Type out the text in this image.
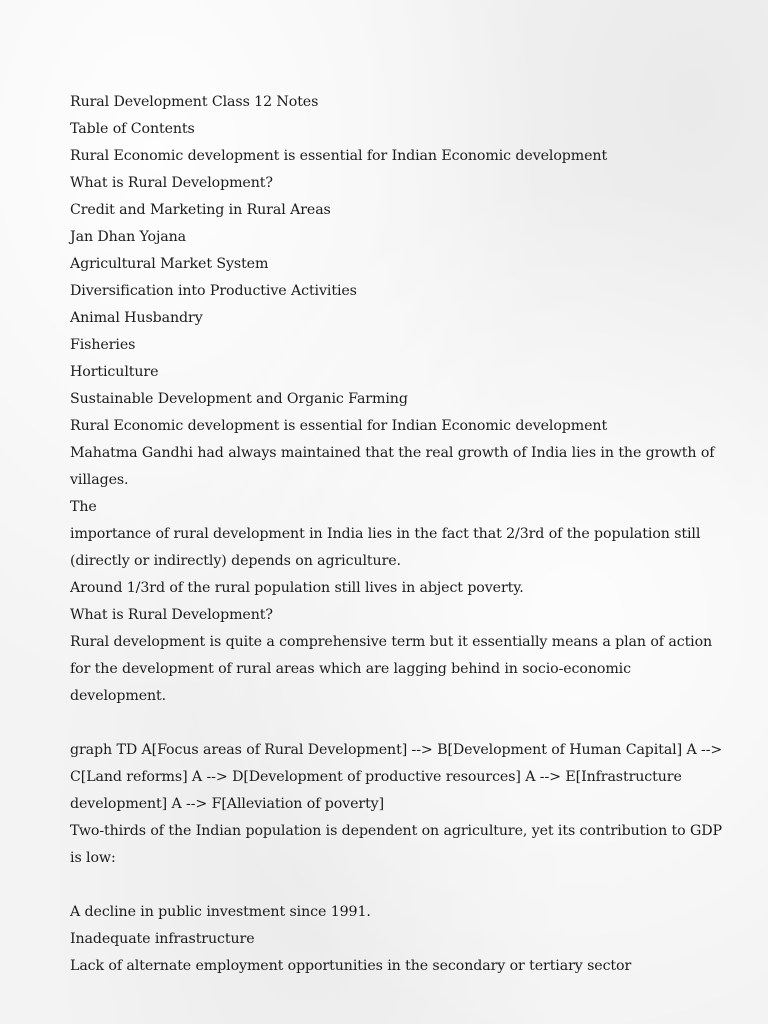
Rural Development Class 12 Notes
Table of Contents
Rural Economic development is essential for Indian Economic development
What is Rural Development?
Credit and Marketing in Rural Areas
Jan Dhan Yojana
Agricultural Market System
Diversification into Productive Activities
Animal Husbandry
Fisheries
Horticulture
Sustainable Development and Organic Farming
Rural Economic development is essential for Indian Economic development
Mahatma Gandhi had always maintained that the real growth of India lies in the growth of villages.
The
importance of rural development in India lies in the fact that 2/3rd of the population still (directly or indirectly) depends on agriculture.
Around 1/3rd of the rural population still lives in abject poverty.
What is Rural Development?
Rural development is quite a comprehensive term but it essentially means a plan of action for the development of rural areas which are lagging behind in socio-economic development.
graph TD A[Focus areas of Rural Development] --> B[Development of Human Capital] A --> C[Land reforms] A --> D[Development of productive resources] A --> E[Infrastructure development] A --> F[Alleviation of poverty]
Two-thirds of the Indian population is dependent on agriculture, yet its contribution to GDP is low:
A decline in public investment since 1991.
Inadequate infrastructure
Lack of alternate employment opportunities in the secondary or tertiary sector
